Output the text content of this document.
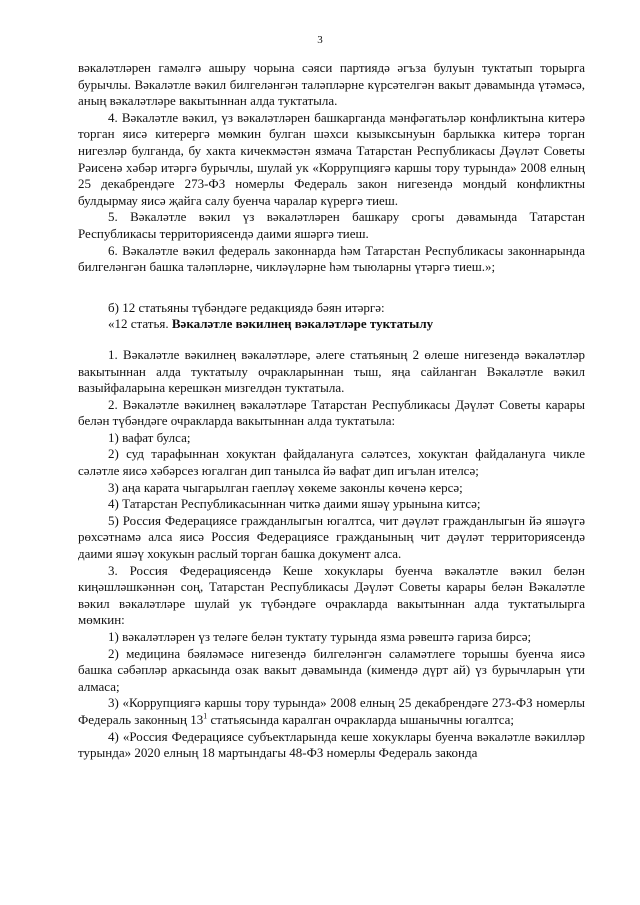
3

вәкаләтләрен гамәлгә ашыру чорына сәяси партиядә әгъза булуын туктатып торырга бурычлы. Вәкаләтле вәкил билгеләнгән таләпләрне күрсәтелгән вакыт дәвамында үтәмәсә, аның вәкаләтләре вакытыннан алда туктатыла.

4. Вәкаләтле вәкил, үз вәкаләтләрен башкарганда мәнфәгатьләр конфликтына китерә торган яисә китерергә мөмкин булган шәхси кызыксынуын барлыкка китерә торган нигезләр булганда, бу хакта кичекмәстән язмача Татарстан Республикасы Дәүләт Советы Рәисенә хәбәр итәргә бурычлы, шулай ук «Коррупциягә каршы тору турында» 2008 елның 25 декабрендәге 273-ФЗ номерлы Федераль закон нигезендә мондый конфликтны булдырмау яисә җайга салу буенча чаралар күрергә тиеш.

5. Вәкаләтле вәкил үз вәкаләтләрен башкару срогы дәвамында Татарстан Республикасы территориясендә даими яшәргә тиеш.

6. Вәкаләтле вәкил федераль законнарда һәм Татарстан Республикасы законнарында билгеләнгән башка таләпләрне, чикләүләрне һәм тыюларны үтәргә тиеш.»;

б) 12 статьяны түбәндәге редакциядә бәян итәргә:

«12 статья. Вәкаләтле вәкилнең вәкаләтләре туктатылу

1. Вәкаләтле вәкилнең вәкаләтләре, әлеге статьяның 2 өлеше нигезендә вәкаләтләр вакытыннан алда туктатылу очракларыннан тыш, яңа сайланган Вәкаләтле вәкил вазыйфаларына керешкән мизгелдән туктатыла.

2. Вәкаләтле вәкилнең вәкаләтләре Татарстан Республикасы Дәүләт Советы карары белән түбәндәге очракларда вакытыннан алда туктатыла:

1) вафат булса;

2) суд тарафыннан хокуктан файдалануга сәләтсез, хокуктан файдалануга чикле сәләтле яисә хәбәрсез югалган дип танылса йә вафат дип игълан ителсә;

3) аңа карата чыгарылган гаепләү хөкеме законлы көченә керсә;

4) Татарстан Республикасыннан читкә даими яшәү урынына китсә;

5) Россия Федерациясе гражданлыгын югалтса, чит дәүләт гражданлыгын йә яшәүгә рөхсәтнамә алса яисә Россия Федерациясе гражданының чит дәүләт территориясендә даими яшәү хокукын раслый торган башка документ алса.

3. Россия Федерациясендә Кеше хокуклары буенча вәкаләтле вәкил белән киңәшләшкәннән соң, Татарстан Республикасы Дәүләт Советы карары белән Вәкаләтле вәкил вәкаләтләре шулай ук түбәндәге очракларда вакытыннан алда туктатылырга мөмкин:

1) вәкаләтләрен үз теләге белән туктату турында язма рәвештә гариза бирсә;

2) медицина бәяләмәсе нигезендә билгеләнгән сәламәтлеге торышы буенча яисә башка сәбәпләр аркасында озак вакыт дәвамында (кимендә дүрт ай) үз бурычларын үти алмаса;

3) «Коррупциягә каршы тору турында» 2008 елның 25 декабрендәге 273-ФЗ номерлы Федераль законның $13^1$ статьясында каралган очракларда ышанычны югалтса;

4) «Россия Федерациясе субъектларында кеше хокуклары буенча вәкаләтле вәкилләр турында» 2020 елның 18 мартындагы 48-ФЗ номерлы Федераль законда
